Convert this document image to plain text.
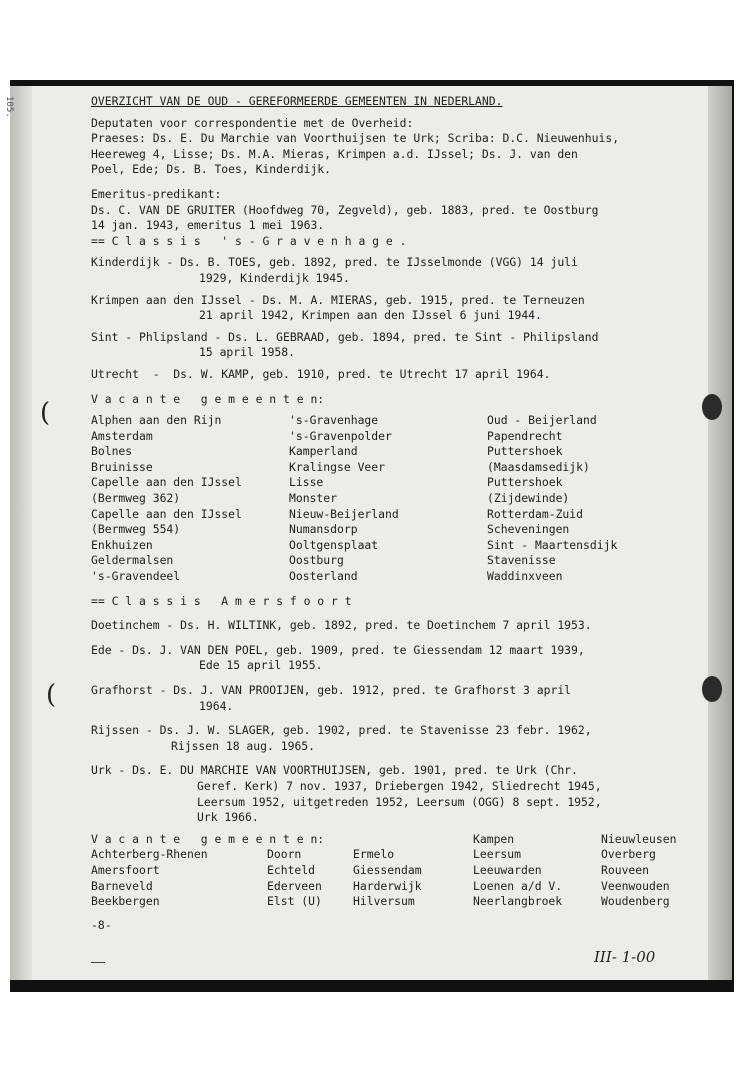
(
(
105.	OVERZICHT VAN DE OUD - GEREFORMEERDE GEMEENTEN IN NEDERLAND.
Deputaten voor correspondentie met de Overheid:
Praeses: Ds. E. Du Marchie van Voorthuijsen te Urk; Scriba: D.C. Nieuwenhuis,
Heereweg 4, Lisse; Ds. M.A. Mieras, Krimpen a.d. IJssel; Ds. J. van den
Poel, Ede; Ds. B. Toes, Kinderdijk.
Emeritus-predikant:
Ds. C. VAN DE GRUITER (Hoofdweg 70, Zegveld), geb. 1883, pred. te Oostburg
14 jan. 1943, emeritus 1 mei 1963.
== C l a s s i s   ' s - G r a v e n h a g e .
Kinderdijk - Ds. B. TOES, geb. 1892, pred. te IJsselmonde (VGG) 14 juli
1929, Kinderdijk 1945.
Krimpen aan den IJssel - Ds. M. A. MIERAS, geb. 1915, pred. te Terneuzen
21 april 1942, Krimpen aan den IJssel 6 juni 1944.
Sint - Phlipsland - Ds. L. GEBRAAD, geb. 1894, pred. te Sint - Philipsland
15 april 1958.
Utrecht  -  Ds. W. KAMP, geb. 1910, pred. te Utrecht 17 april 1964.
V a c a n t e   g e m e e n t e n:
Alphen aan den Rijn
Amsterdam
Bolnes
Bruinisse
Capelle aan den IJssel
(Bermweg 362)
Capelle aan den IJssel
(Bermweg 554)
Enkhuizen
Geldermalsen
's-Gravendeel
's-Gravenhage
's-Gravenpolder
Kamperland
Kralingse Veer
Lisse
Monster
Nieuw-Beijerland
Numansdorp
Ooltgensplaat
Oostburg
Oosterland
Oud - Beijerland
Papendrecht
Puttershoek
(Maasdamsedijk)
Puttershoek
(Zijdewinde)
Rotterdam-Zuid
Scheveningen
Sint - Maartensdijk
Stavenisse
Waddinxveen
== C l a s s i s   A m e r s f o o r t
Doetinchem - Ds. H. WILTINK, geb. 1892, pred. te Doetinchem 7 april 1953.
Ede - Ds. J. VAN DEN POEL, geb. 1909, pred. te Giessendam 12 maart 1939,
Ede 15 april 1955.
Grafhorst - Ds. J. VAN PROOIJEN, geb. 1912, pred. te Grafhorst 3 april
1964.
Rijssen - Ds. J. W. SLAGER, geb. 1902, pred. te Stavenisse 23 febr. 1962,
Rijssen 18 aug. 1965.
Urk - Ds. E. DU MARCHIE VAN VOORTHUIJSEN, geb. 1901, pred. te Urk (Chr.
Geref. Kerk) 7 nov. 1937, Driebergen 1942, Sliedrecht 1945,
Leersum 1952, uitgetreden 1952, Leersum (OGG) 8 sept. 1952,
Urk 1966.
V a c a n t e   g e m e e n t e n:
Achterberg-Rhenen
Amersfoort
Barneveld
Beekbergen
Doorn
Echteld
Ederveen
Elst (U)
Ermelo
Giessendam
Harderwijk
Hilversum
Kampen
Leersum
Leeuwarden
Loenen a/d V.
Neerlangbroek
Nieuwleusen
Overberg
Rouveen
Veenwouden
Woudenberg
-8-
III- 1-00
